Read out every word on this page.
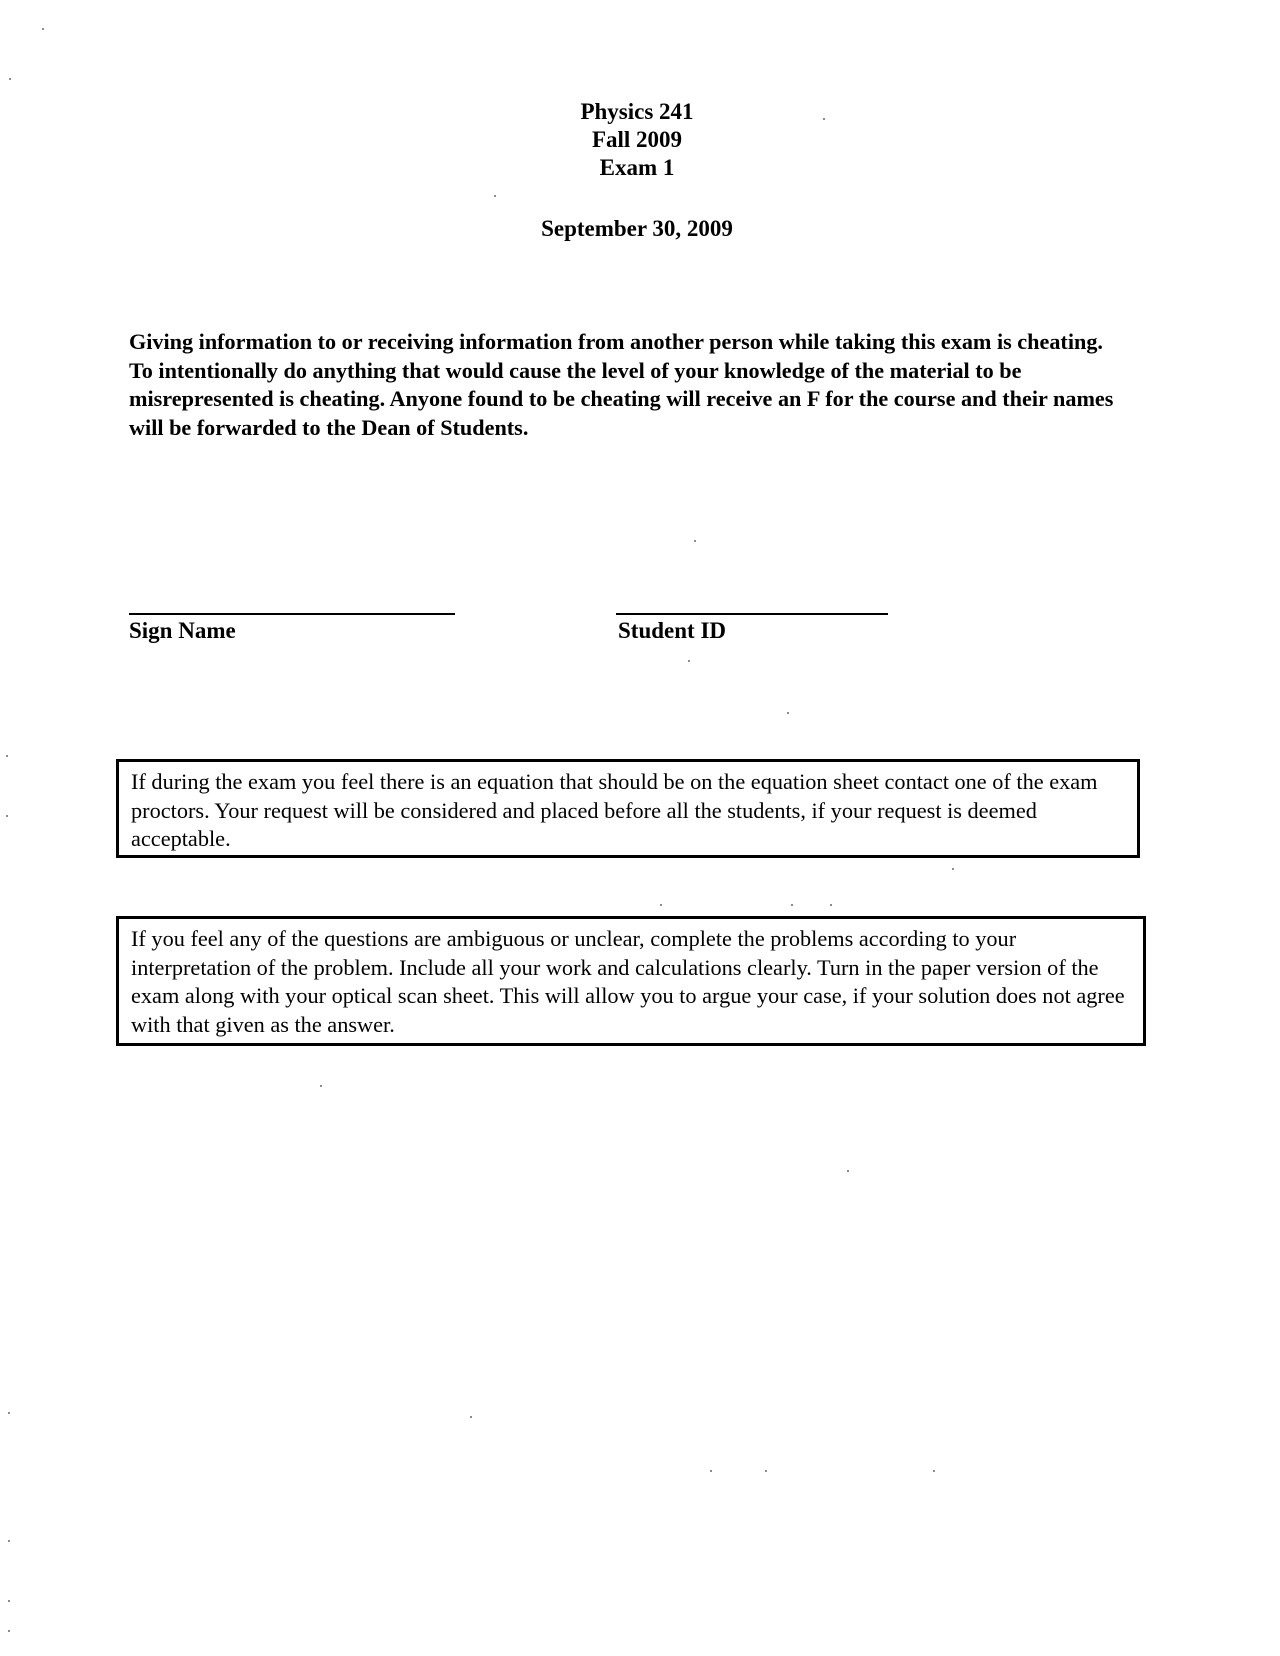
Physics 241
Fall 2009
Exam 1
September 30, 2009
Giving information to or receiving information from another person while taking this exam is cheating. To intentionally do anything that would cause the level of your knowledge of the material to be misrepresented is cheating. Anyone found to be cheating will receive an F for the course and their names will be forwarded to the Dean of Students.
Sign Name	Student ID
If during the exam you feel there is an equation that should be on the equation sheet contact one of the exam proctors. Your request will be considered and placed before all the students, if your request is deemed acceptable.
If you feel any of the questions are ambiguous or unclear, complete the problems according to your interpretation of the problem. Include all your work and calculations clearly. Turn in the paper version of the exam along with your optical scan sheet. This will allow you to argue your case, if your solution does not agree with that given as the answer.
